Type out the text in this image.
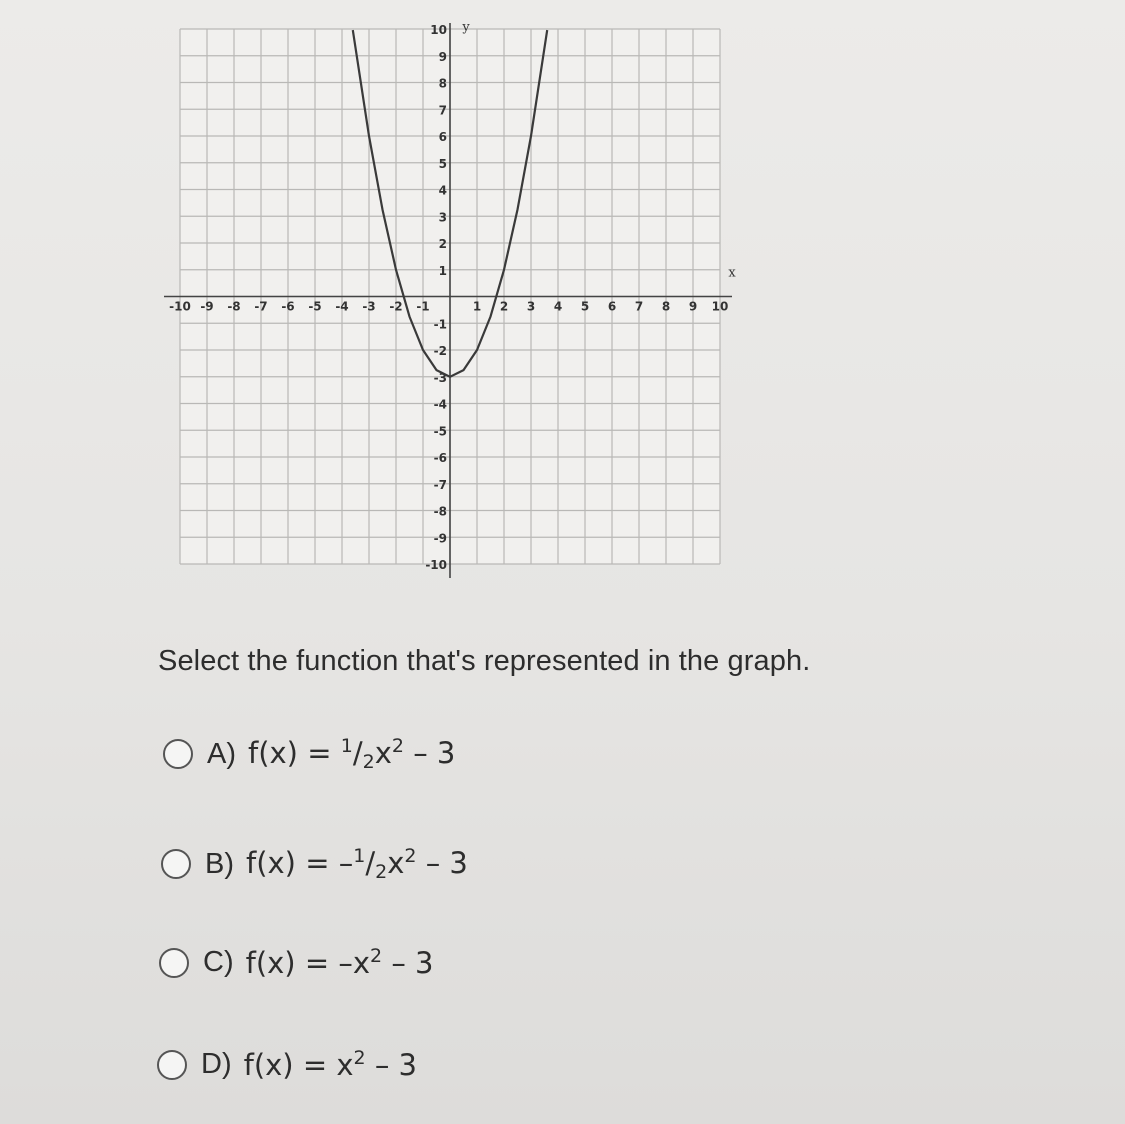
-10 -9 -8 -7 -6 -5 -4 -3 -2 -1	1 2 3 4 5 6 7 8 9 10
10
9
8
7
6
5
4
3
2
1
-1
-2
-3
-4
-5
-6
-7
-8
-9
-10
x
y
Select the function that's represented in the graph.
A) $f(x) = ^1/_2x^2 - 3$
B) $f(x) = -^1/_2x^2 - 3$
C) $f(x) = -x^2 - 3$
D) $f(x) = x^2 - 3$
